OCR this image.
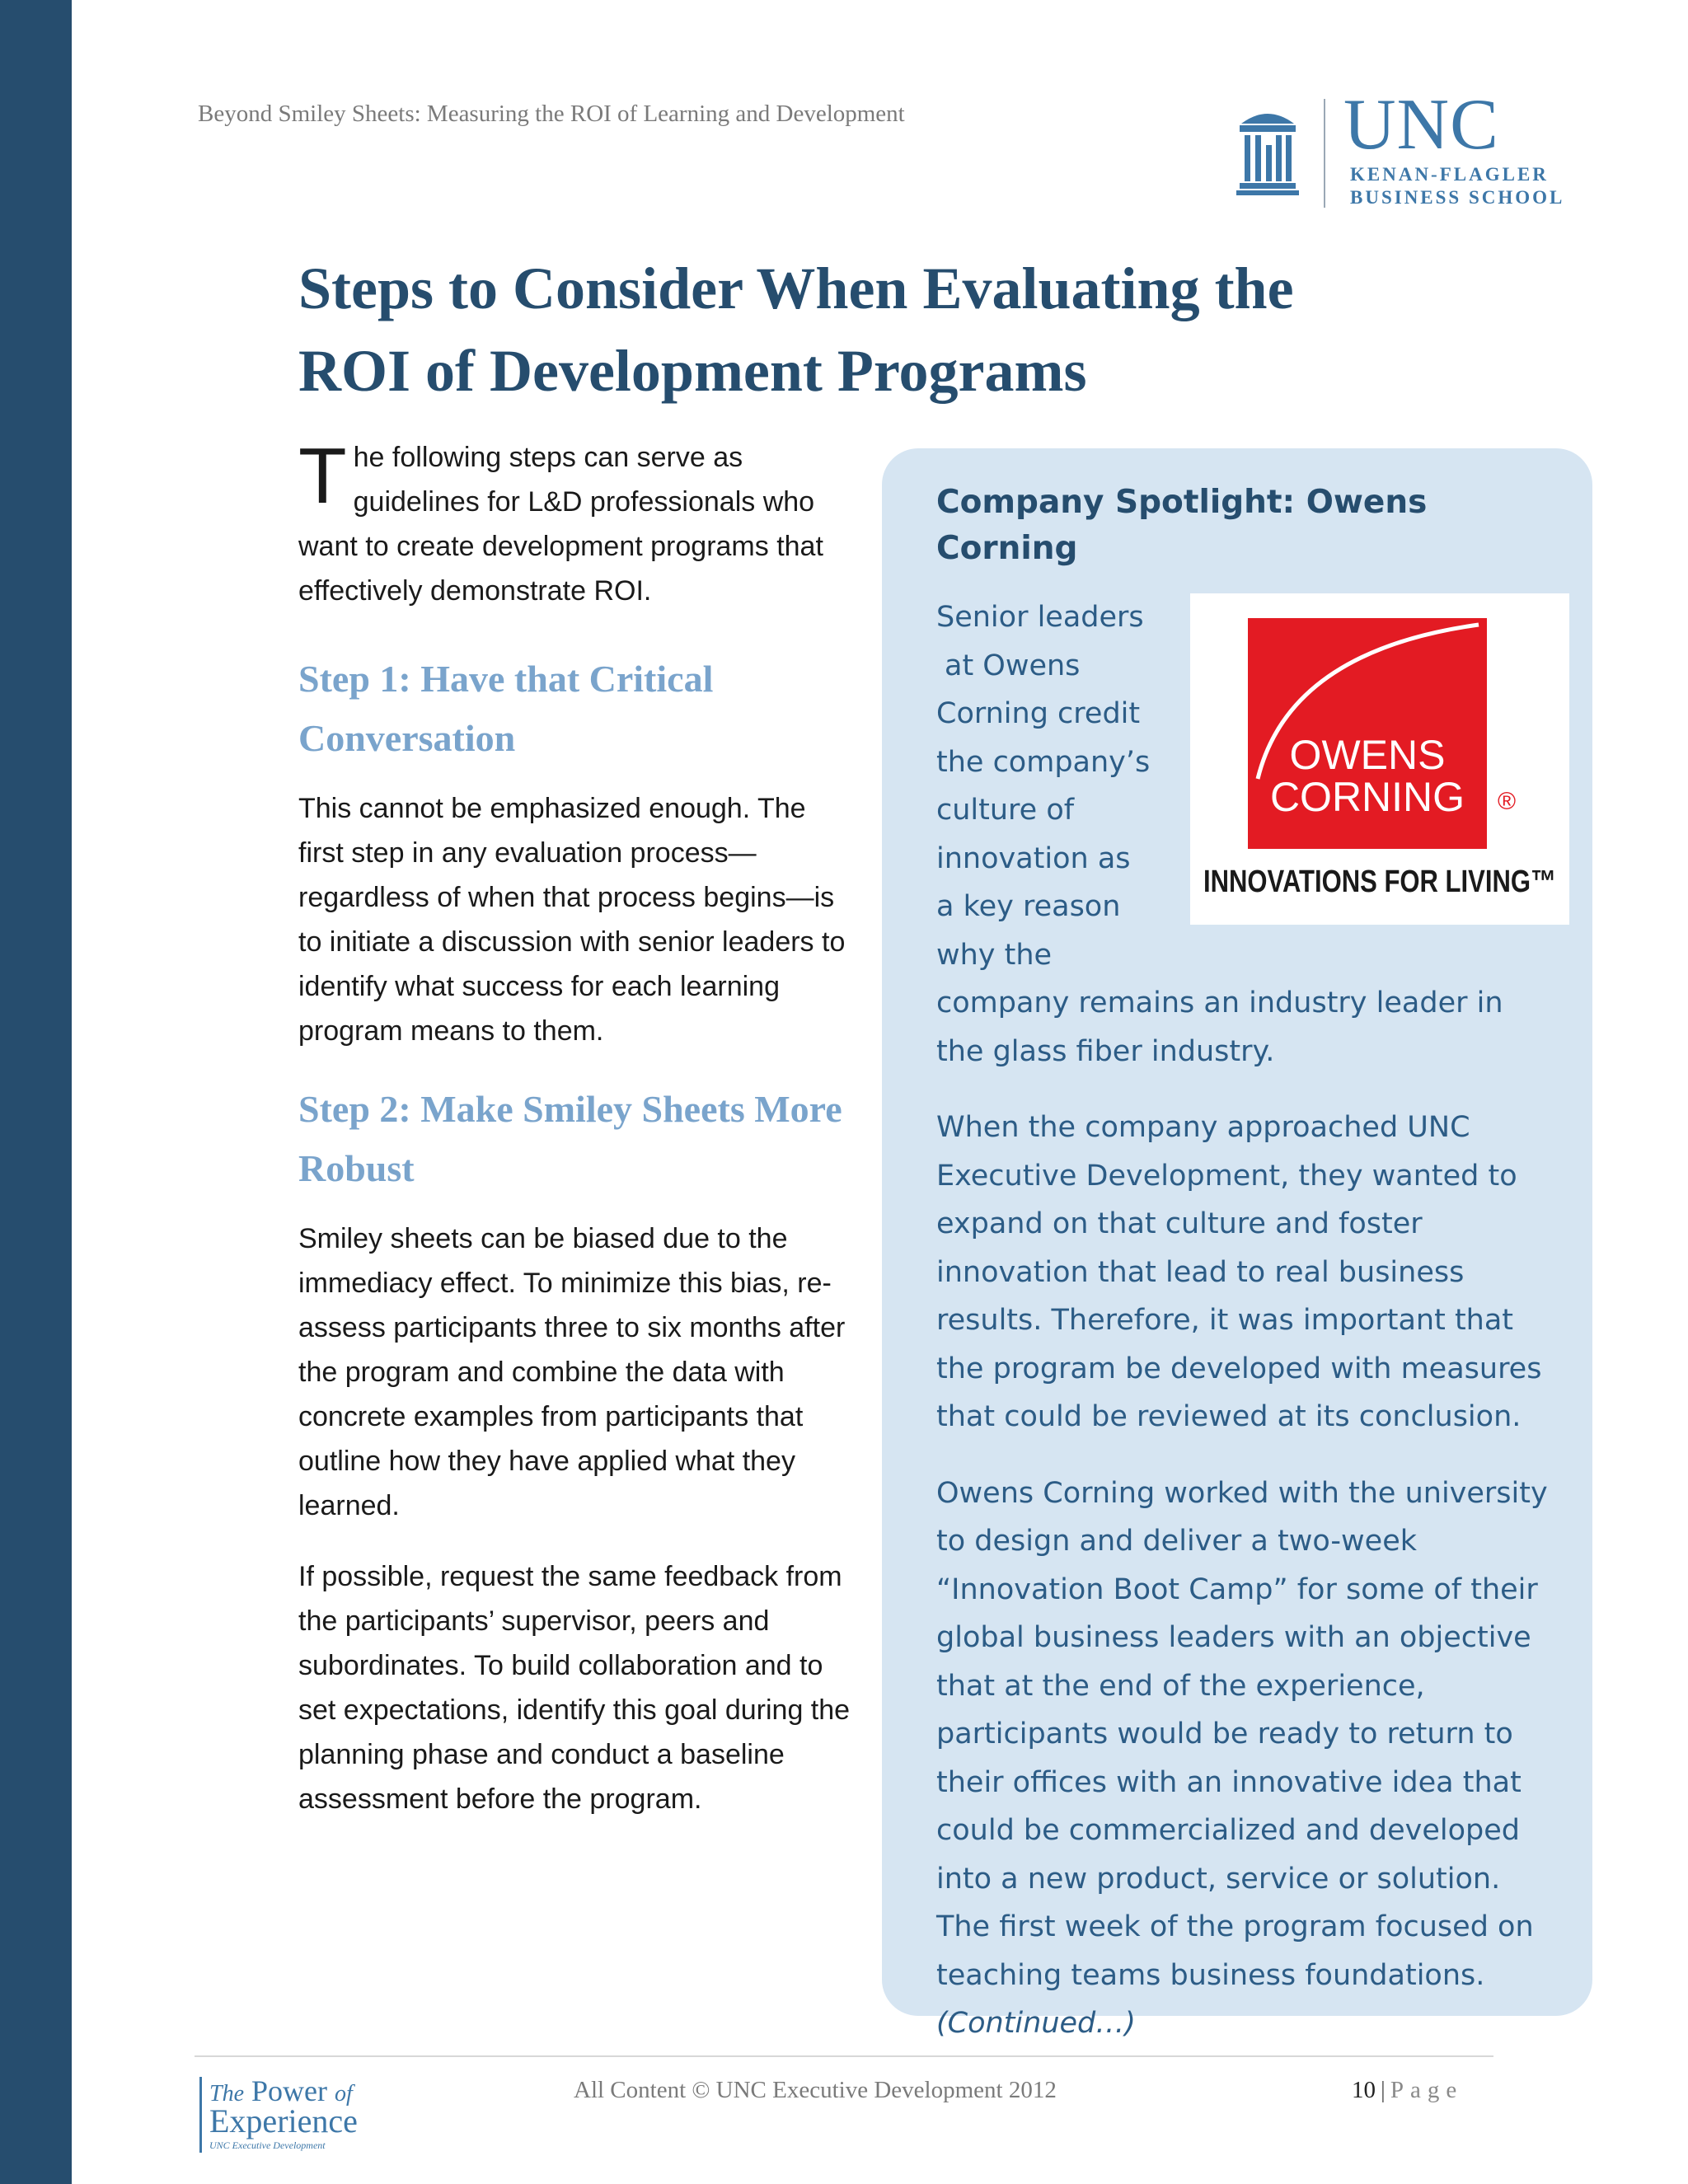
Beyond Smiley Sheets: Measuring the ROI of Learning and Development	UNC
KENAN-FLAGLER
BUSINESS SCHOOL
Steps to Consider When Evaluating the
ROI of Development Programs

The following steps can serve as guidelines for L&D professionals who want to create development programs that effectively demonstrate ROI.

Step 1: Have that Critical Conversation

This cannot be emphasized enough. The first step in any evaluation process—regardless of when that process begins—is to initiate a discussion with senior leaders to identify what success for each learning program means to them.

Step 2: Make Smiley Sheets More Robust

Smiley sheets can be biased due to the immediacy effect. To minimize this bias, re-assess participants three to six months after the program and combine the data with concrete examples from participants that outline how they have applied what they learned.

If possible, request the same feedback from the participants’ supervisor, peers and subordinates. To build collaboration and to set expectations, identify this goal during the planning phase and conduct a baseline assessment before the program.

Company Spotlight: Owens Corning
OWENS
CORNING ®
INNOVATIONS FOR LIVING™

Senior leaders
at Owens
Corning credit
the company’s
culture of
innovation as
a key reason why the company remains an industry leader in the glass fiber industry.

When the company approached UNC Executive Development, they wanted to expand on that culture and foster innovation that lead to real business results. Therefore, it was important that the program be developed with measures that could be reviewed at its conclusion.

Owens Corning worked with the university to design and deliver a two-week “Innovation Boot Camp” for some of their global business leaders with an objective that at the end of the experience, participants would be ready to return to their offices with an innovative idea that could be commercialized and developed into a new product, service or solution. The first week of the program focused on teaching teams business foundations.
(Continued…)

The Power of
Experience
UNC Executive Development
All Content © UNC Executive Development 2012	10 | Page
